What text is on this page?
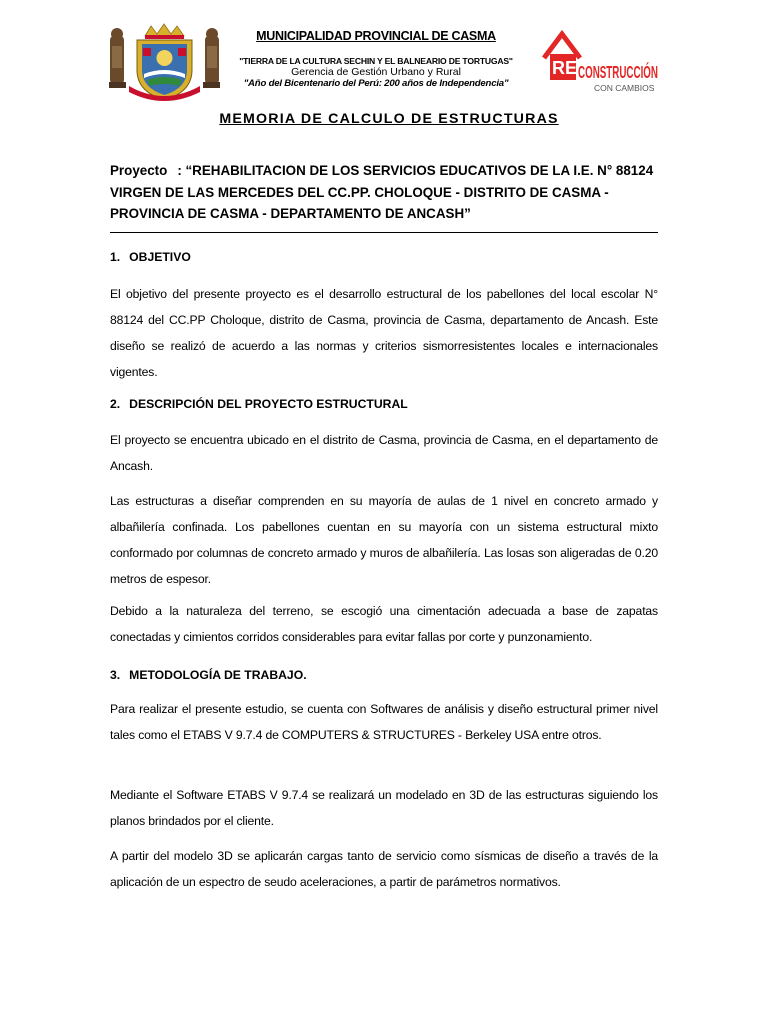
MUNICIPALIDAD PROVINCIAL DE CASMA
"TIERRA DE LA CULTURA SECHIN Y EL BALNEARIO DE TORTUGAS"
Gerencia de Gestión Urbano y Rural
"Año del Bicentenario del Perú: 200 años de Independencia"
RE CONSTRUCCIÓN
CON CAMBIOS
MEMORIA DE CALCULO DE ESTRUCTURAS
Proyecto : “REHABILITACION DE LOS SERVICIOS EDUCATIVOS DE LA I.E. N° 88124 VIRGEN DE LAS MERCEDES DEL CC.PP. CHOLOQUE - DISTRITO DE CASMA - PROVINCIA DE CASMA - DEPARTAMENTO DE ANCASH”
1. OBJETIVO
El objetivo del presente proyecto es el desarrollo estructural de los pabellones del local escolar N° 88124 del CC.PP Choloque, distrito de Casma, provincia de Casma, departamento de Ancash. Este diseño se realizó de acuerdo a las normas y criterios sismorresistentes locales e internacionales vigentes.
2. DESCRIPCIÓN DEL PROYECTO ESTRUCTURAL
El proyecto se encuentra ubicado en el distrito de Casma, provincia de Casma, en el departamento de Ancash.
Las estructuras a diseñar comprenden en su mayoría de aulas de 1 nivel en concreto armado y albañilería confinada. Los pabellones cuentan en su mayoría con un sistema estructural mixto conformado por columnas de concreto armado y muros de albañilería. Las losas son aligeradas de 0.20 metros de espesor.
Debido a la naturaleza del terreno, se escogió una cimentación adecuada a base de zapatas conectadas y cimientos corridos considerables para evitar fallas por corte y punzonamiento.
3. METODOLOGÍA DE TRABAJO.
Para realizar el presente estudio, se cuenta con Softwares de análisis y diseño estructural primer nivel tales como el ETABS V 9.7.4 de COMPUTERS & STRUCTURES - Berkeley USA entre otros.
Mediante el Software ETABS V 9.7.4 se realizará un modelado en 3D de las estructuras siguiendo los planos brindados por el cliente.
A partir del modelo 3D se aplicarán cargas tanto de servicio como sísmicas de diseño a través de la aplicación de un espectro de seudo aceleraciones, a partir de parámetros normativos.
